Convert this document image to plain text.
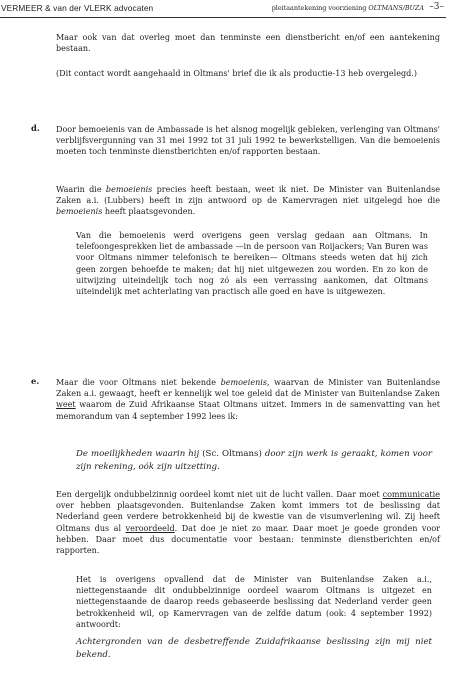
VERMEER & van der VLERK advocaten	pleitaantekening voorziening OLTMANS/BUZA –3–

Maar ook van dat overleg moet dan tenminste een dienstbericht en/of een aantekening bestaan.

(Dit contact wordt aangehaald in Oltmans' brief die ik als productie-13 heb overgelegd.)

d. Door bemoeienis van de Ambassade is het alsnog mogelijk gebleken, verlenging van Oltmans' verblijfsvergunning van 31 mei 1992 tot 31 juli 1992 te bewerkstelligen. Van die bemoeienis moeten toch tenminste dienstberichten en/of rapporten bestaan.

Waarin die bemoeienis precies heeft bestaan, weet ik niet. De Minister van Buitenlandse Zaken a.i. (Lubbers) heeft in zijn antwoord op de Kamervragen niet uitgelegd hoe die bemoeienis heeft plaatsgevonden.

Van die bemoeienis werd overigens geen verslag gedaan aan Oltmans. In telefoongesprekken liet de ambassade —in de persoon van Roijackers; Van Buren was voor Oltmans nimmer telefonisch te bereiken— Oltmans steeds weten dat hij zich geen zorgen behoefde te maken; dat hij niet uitgewezen zou worden. En zo kon de uitwijzing uiteindelijk toch nog zó als een verrassing aankomen, dat Oltmans uiteindelijk met achterlating van practisch alle goed en have is uitgewezen.

e. Maar die voor Oltmans niet bekende bemoeienis, waarvan de Minister van Buitenlandse Zaken a.i. gewaagt, heeft er kennelijk wel toe geleid dat de Minister van Buitenlandse Zaken weet waarom de Zuid Afrikaanse Staat Oltmans uitzet. Immers in de samenvatting van het memorandum van 4 september 1992 lees ik:

De moeilijkheden waarin hij (Sc. Oltmans) door zijn werk is geraakt, komen voor zijn rekening, oók zijn uitzetting.

Een dergelijk ondubbelzinnig oordeel komt niet uit de lucht vallen. Daar moet communicatie over hebben plaatsgevonden. Buitenlandse Zaken komt immers tot de beslissing dat Nederland geen verdere betrokkenheid bij de kwestie van de visumverlening wil. Zij heeft Oltmans dus al veroordeeld. Dat doe je niet zo maar. Daar moet je goede gronden voor hebben. Daar moet dus documentatie voor bestaan: tenminste dienstberichten en/of rapporten.

Het is overigens opvallend dat de Minister van Buitenlandse Zaken a.i., niettegenstaande dit ondubbelzinnige oordeel waarom Oltmans is uitgezet en niettegenstaande de daarop reeds gebaseerde beslissing dat Nederland verder geen betrokkenheid wil, op Kamervragen van de zelfde datum (ook: 4 september 1992) antwoordt:

Achtergronden van de desbetreffende Zuidafrikaanse beslissing zijn mij niet bekend.
